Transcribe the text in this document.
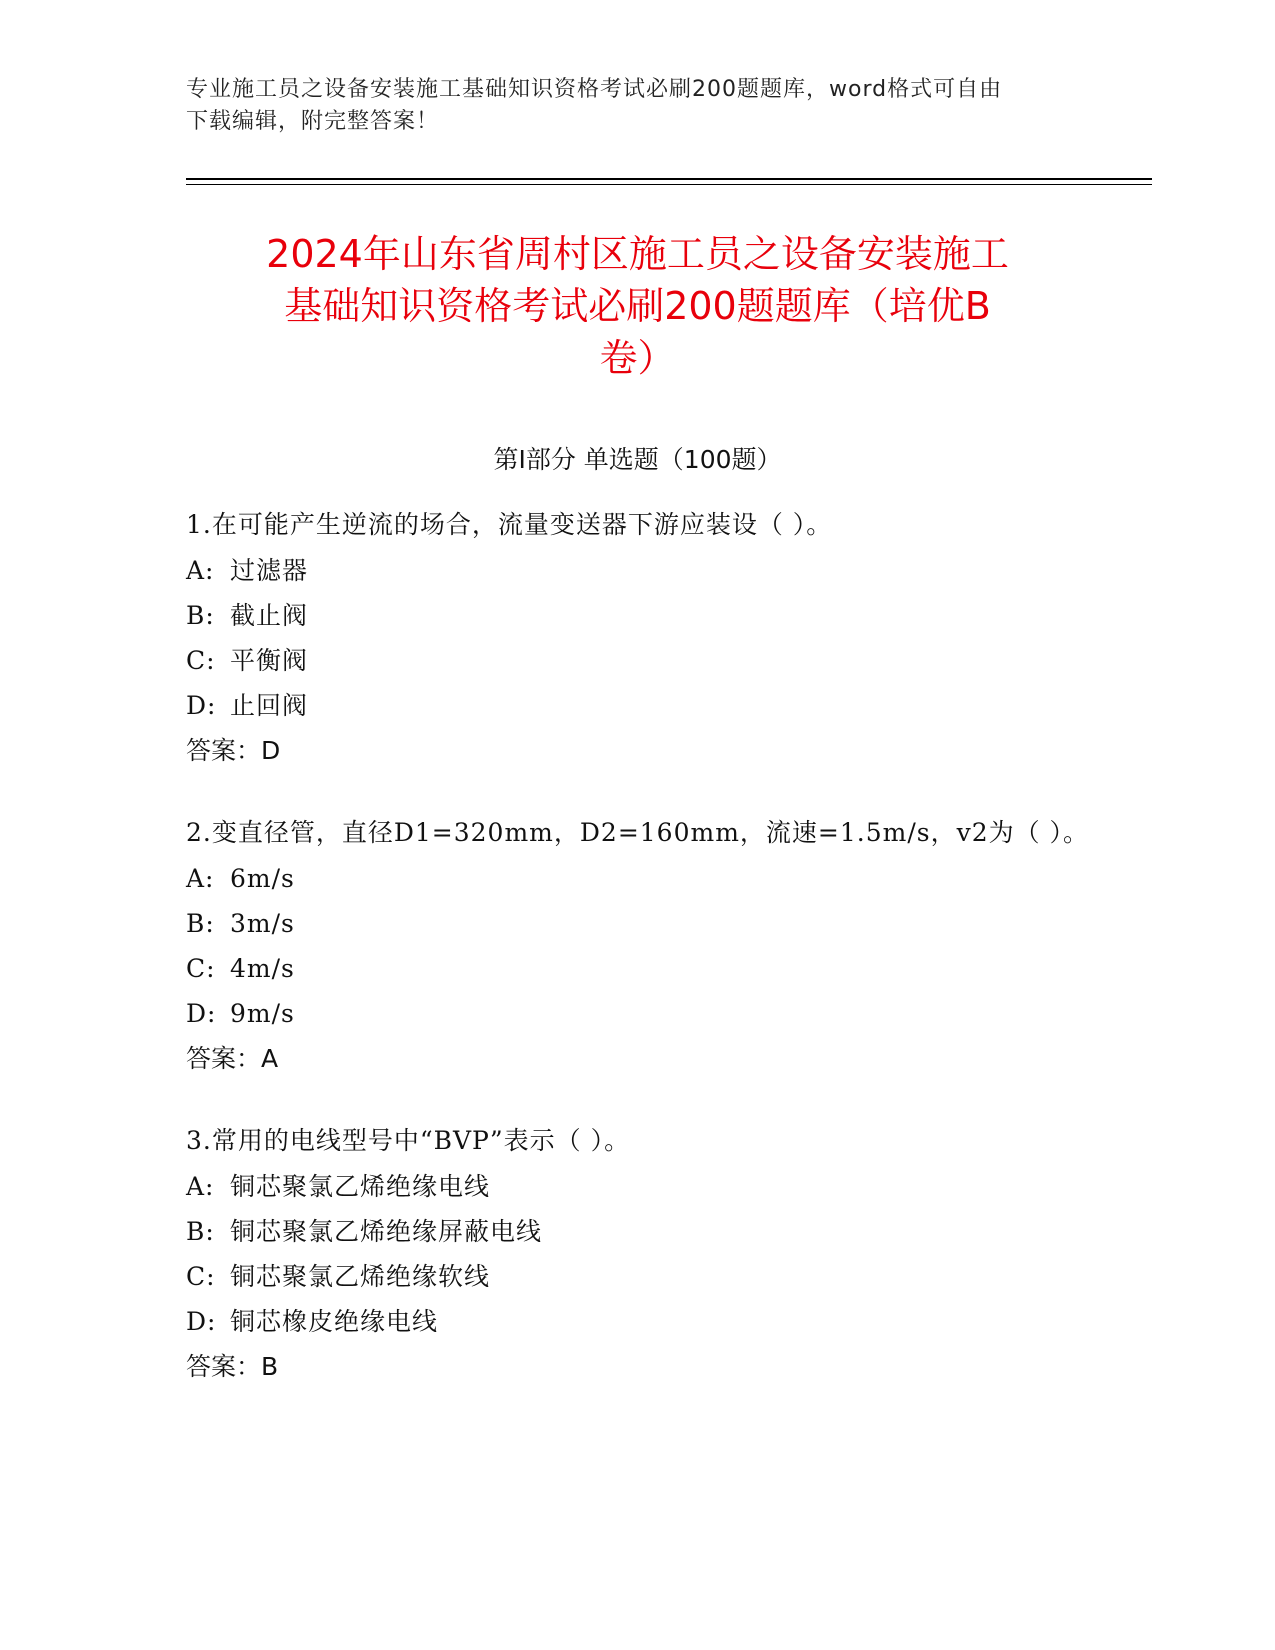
专业施工员之设备安装施工基础知识资格考试必刷200题题库，word格式可自由
下载编辑，附完整答案！
2024年山东省周村区施工员之设备安装施工
基础知识资格考试必刷200题题库（培优B
卷）
第Ⅰ部分 单选题（100题）
1.在可能产生逆流的场合，流量变送器下游应装设（ ）。
A: 过滤器
B: 截止阀
C: 平衡阀
D: 止回阀
答案：D
2.变直径管，直径D1=320mm，D2=160mm，流速=1.5m/s，v2为（ ）。
A: 6m/s
B: 3m/s
C: 4m/s
D: 9m/s
答案：A
3.常用的电线型号中“BVP”表示（ ）。
A: 铜芯聚氯乙烯绝缘电线
B: 铜芯聚氯乙烯绝缘屏蔽电线
C: 铜芯聚氯乙烯绝缘软线
D: 铜芯橡皮绝缘电线
答案：B
